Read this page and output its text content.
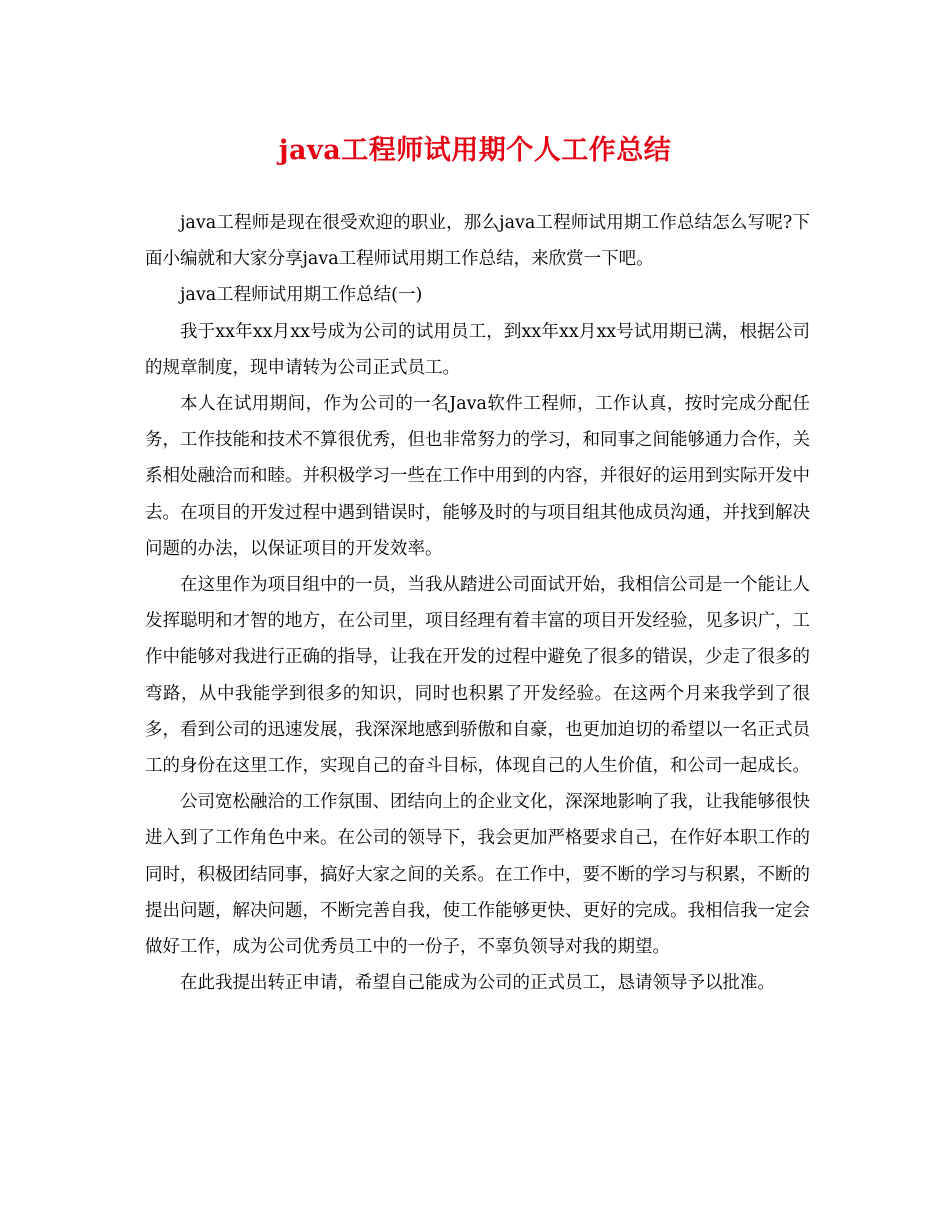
java工程师试用期个人工作总结

java工程师是现在很受欢迎的职业，那么java工程师试用期工作总结怎么写呢?下面小编就和大家分享java工程师试用期工作总结，来欣赏一下吧。

java工程师试用期工作总结(一)

我于xx年xx月xx号成为公司的试用员工，到xx年xx月xx号试用期已满，根据公司的规章制度，现申请转为公司正式员工。

本人在试用期间，作为公司的一名Java软件工程师，工作认真，按时完成分配任务，工作技能和技术不算很优秀，但也非常努力的学习，和同事之间能够通力合作，关系相处融洽而和睦。并积极学习一些在工作中用到的内容，并很好的运用到实际开发中去。在项目的开发过程中遇到错误时，能够及时的与项目组其他成员沟通，并找到解决问题的办法，以保证项目的开发效率。

在这里作为项目组中的一员，当我从踏进公司面试开始，我相信公司是一个能让人发挥聪明和才智的地方，在公司里，项目经理有着丰富的项目开发经验，见多识广，工作中能够对我进行正确的指导，让我在开发的过程中避免了很多的错误，少走了很多的弯路，从中我能学到很多的知识，同时也积累了开发经验。在这两个月来我学到了很多，看到公司的迅速发展，我深深地感到骄傲和自豪，也更加迫切的希望以一名正式员工的身份在这里工作，实现自己的奋斗目标，体现自己的人生价值，和公司一起成长。

公司宽松融洽的工作氛围、团结向上的企业文化，深深地影响了我，让我能够很快进入到了工作角色中来。在公司的领导下，我会更加严格要求自己，在作好本职工作的同时，积极团结同事，搞好大家之间的关系。在工作中，要不断的学习与积累，不断的提出问题，解决问题，不断完善自我，使工作能够更快、更好的完成。我相信我一定会做好工作，成为公司优秀员工中的一份子，不辜负领导对我的期望。

在此我提出转正申请，希望自己能成为公司的正式员工，恳请领导予以批准。
